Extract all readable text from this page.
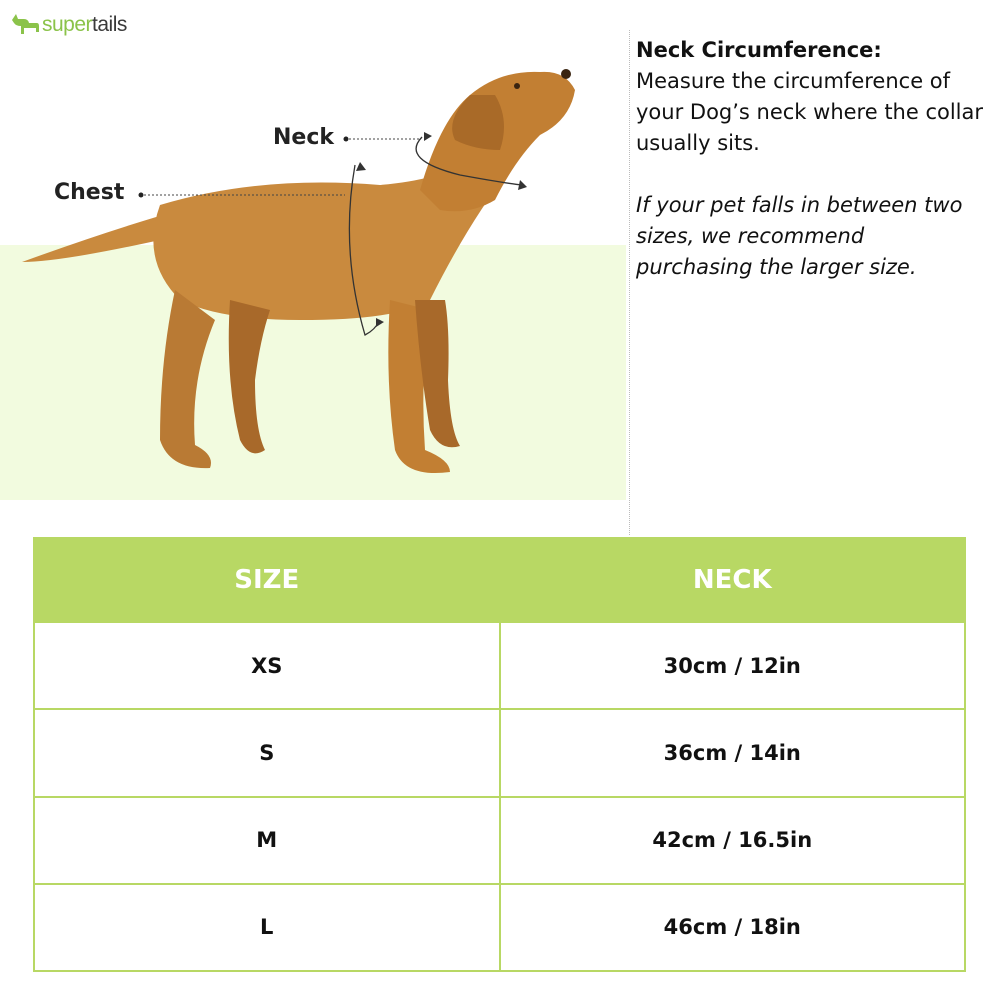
supertails
Neck
Chest
Neck Circumference:
Measure the circumference of your Dog’s neck where the collar usually sits.
If your pet falls in between two sizes, we recommend purchasing the larger size.
SIZE	NECK
XS	30cm / 12in
S	36cm / 14in
M	42cm / 16.5in
L	46cm / 18in
